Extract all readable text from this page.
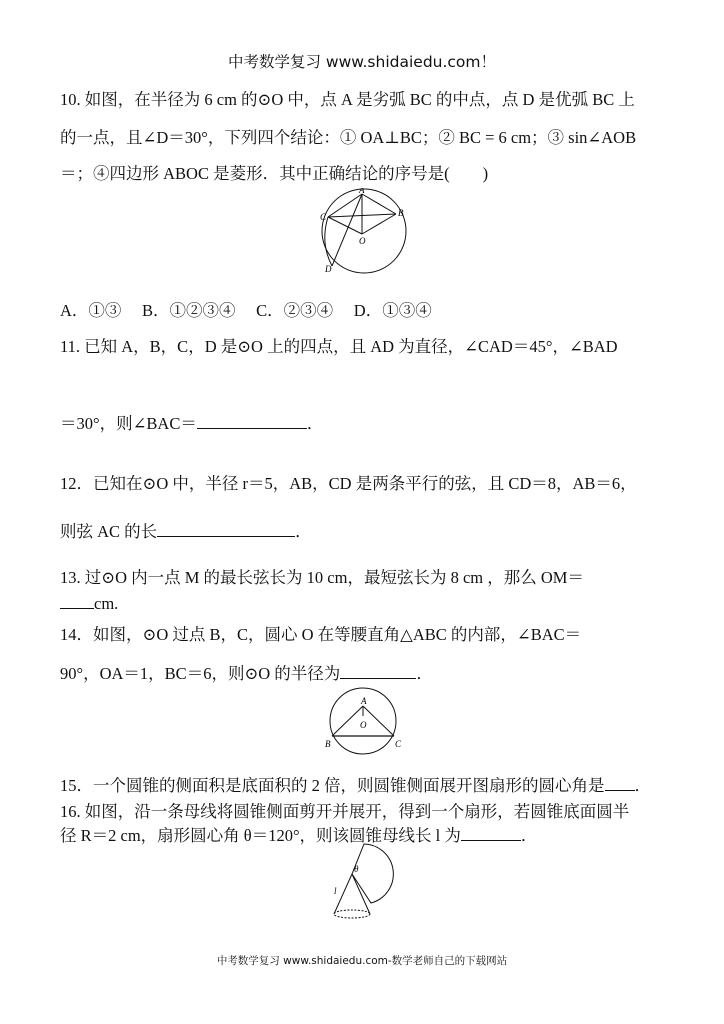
中考数学复习 www.shidaiedu.com！
10. 如图，在半径为 6 cm 的⊙O 中，点 A 是劣弧 BC 的中点，点 D 是优弧 BC 上
的一点，且∠D＝30°，下列四个结论：① OA⊥BC；② BC = 6 cm；③ sin∠AOB
＝；④四边形 ABOC 是菱形．其中正确结论的序号是(　　)
A
B
C
O
D
A．①③　 B．①②③④　 C．②③④　 D．①③④
11. 已知 A，B，C，D 是⊙O 上的四点，且 AD 为直径，∠CAD＝45°，∠BAD
＝30°，则∠BAC＝	．
12．已知在⊙O 中，半径 r＝5，AB，CD 是两条平行的弦，且 CD＝8，AB＝6，
则弦 AC 的长	．
13. 过⊙O 内一点 M 的最长弦长为 10 cm，最短弦长为 8 cm ，那么 OM＝
cm.
14．如图，⊙O 过点 B，C，圆心 O 在等腰直角△ABC 的内部，∠BAC＝
90°，OA＝1，BC＝6，则⊙O 的半径为	．
A
O
B	C
15．一个圆锥的侧面积是底面积的 2 倍，则圆锥侧面展开图扇形的圆心角是 ．
16. 如图，沿一条母线将圆锥侧面剪开并展开，得到一个扇形，若圆锥底面圆半
径 R＝2 cm，扇形圆心角 θ＝120°，则该圆锥母线长 l 为	．
θ
l
中考数学复习 www.shidaiedu.com-数学老师自己的下载网站
